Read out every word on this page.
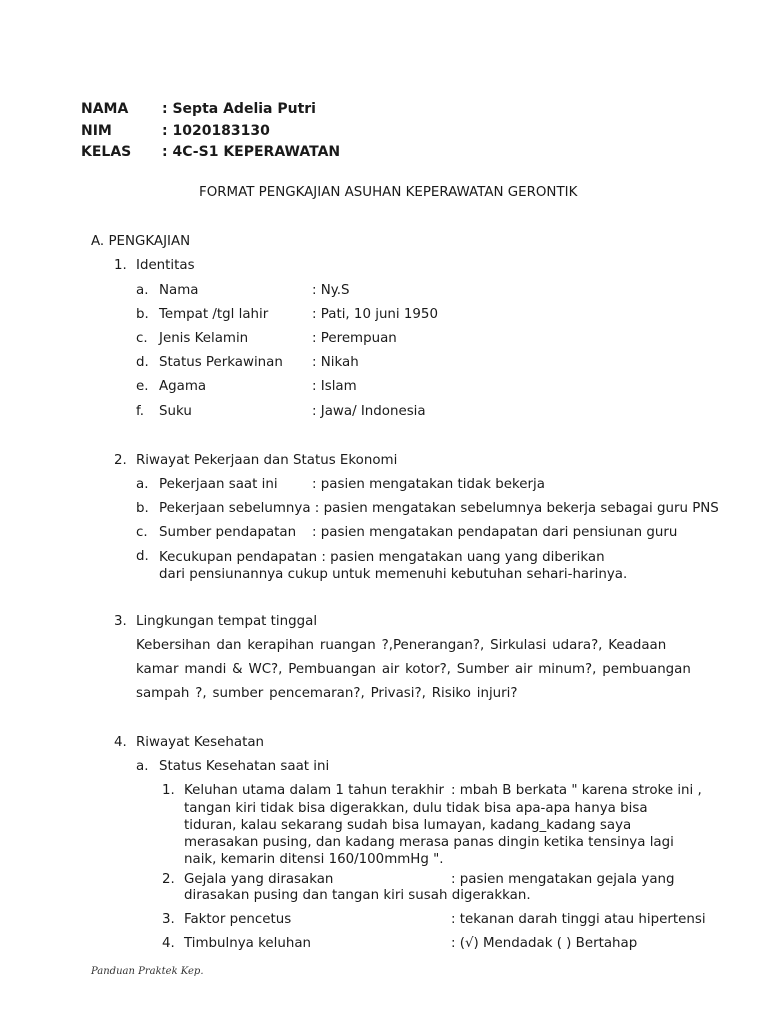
NAMA : Septa Adelia Putri
NIM	: 1020183130
KELAS : 4C-S1 KEPERAWATAN
FORMAT PENGKAJIAN ASUHAN KEPERAWATAN GERONTIK
A. PENGKAJIAN
1. Identitas
a. Nama	: Ny.S
b. Tempat /tgl lahir	: Pati, 10 juni 1950
c. Jenis Kelamin	: Perempuan
d. Status Perkawinan : Nikah
e. Agama	: Islam
f. Suku	: Jawa/ Indonesia
2. Riwayat Pekerjaan dan Status Ekonomi
a. Pekerjaan saat ini	: pasien mengatakan tidak bekerja
b. Pekerjaan sebelumnya : pasien mengatakan sebelumnya bekerja sebagai guru PNS
c. Sumber pendapatan : pasien mengatakan pendapatan dari pensiunan guru
d. Kecukupan pendapatan : pasien mengatakan uang yang diberikan dari pensiunannya cukup untuk memenuhi kebutuhan sehari-harinya.
3. Lingkungan tempat tinggal
Kebersihan dan kerapihan ruangan ?,Penerangan?, Sirkulasi udara?, Keadaan kamar mandi & WC?, Pembuangan air kotor?, Sumber air minum?, pembuangan sampah ?, sumber pencemaran?, Privasi?, Risiko injuri?
4. Riwayat Kesehatan
a. Status Kesehatan saat ini
1. Keluhan utama dalam 1 tahun terakhir : mbah B berkata " karena stroke ini ,
tangan kiri tidak bisa digerakkan, dulu tidak bisa apa-apa hanya bisa tiduran, kalau sekarang sudah bisa lumayan, kadang_kadang saya merasakan pusing, dan kadang merasa panas dingin ketika tensinya lagi naik, kemarin ditensi 160/100mmHg ".
2. Gejala yang dirasakan	: pasien mengatakan gejala yang
dirasakan pusing dan tangan kiri susah digerakkan.
3. Faktor pencetus	: tekanan darah tinggi atau hipertensi
4. Timbulnya keluhan	: (√) Mendadak ( ) Bertahap
Panduan Praktek Kep.
